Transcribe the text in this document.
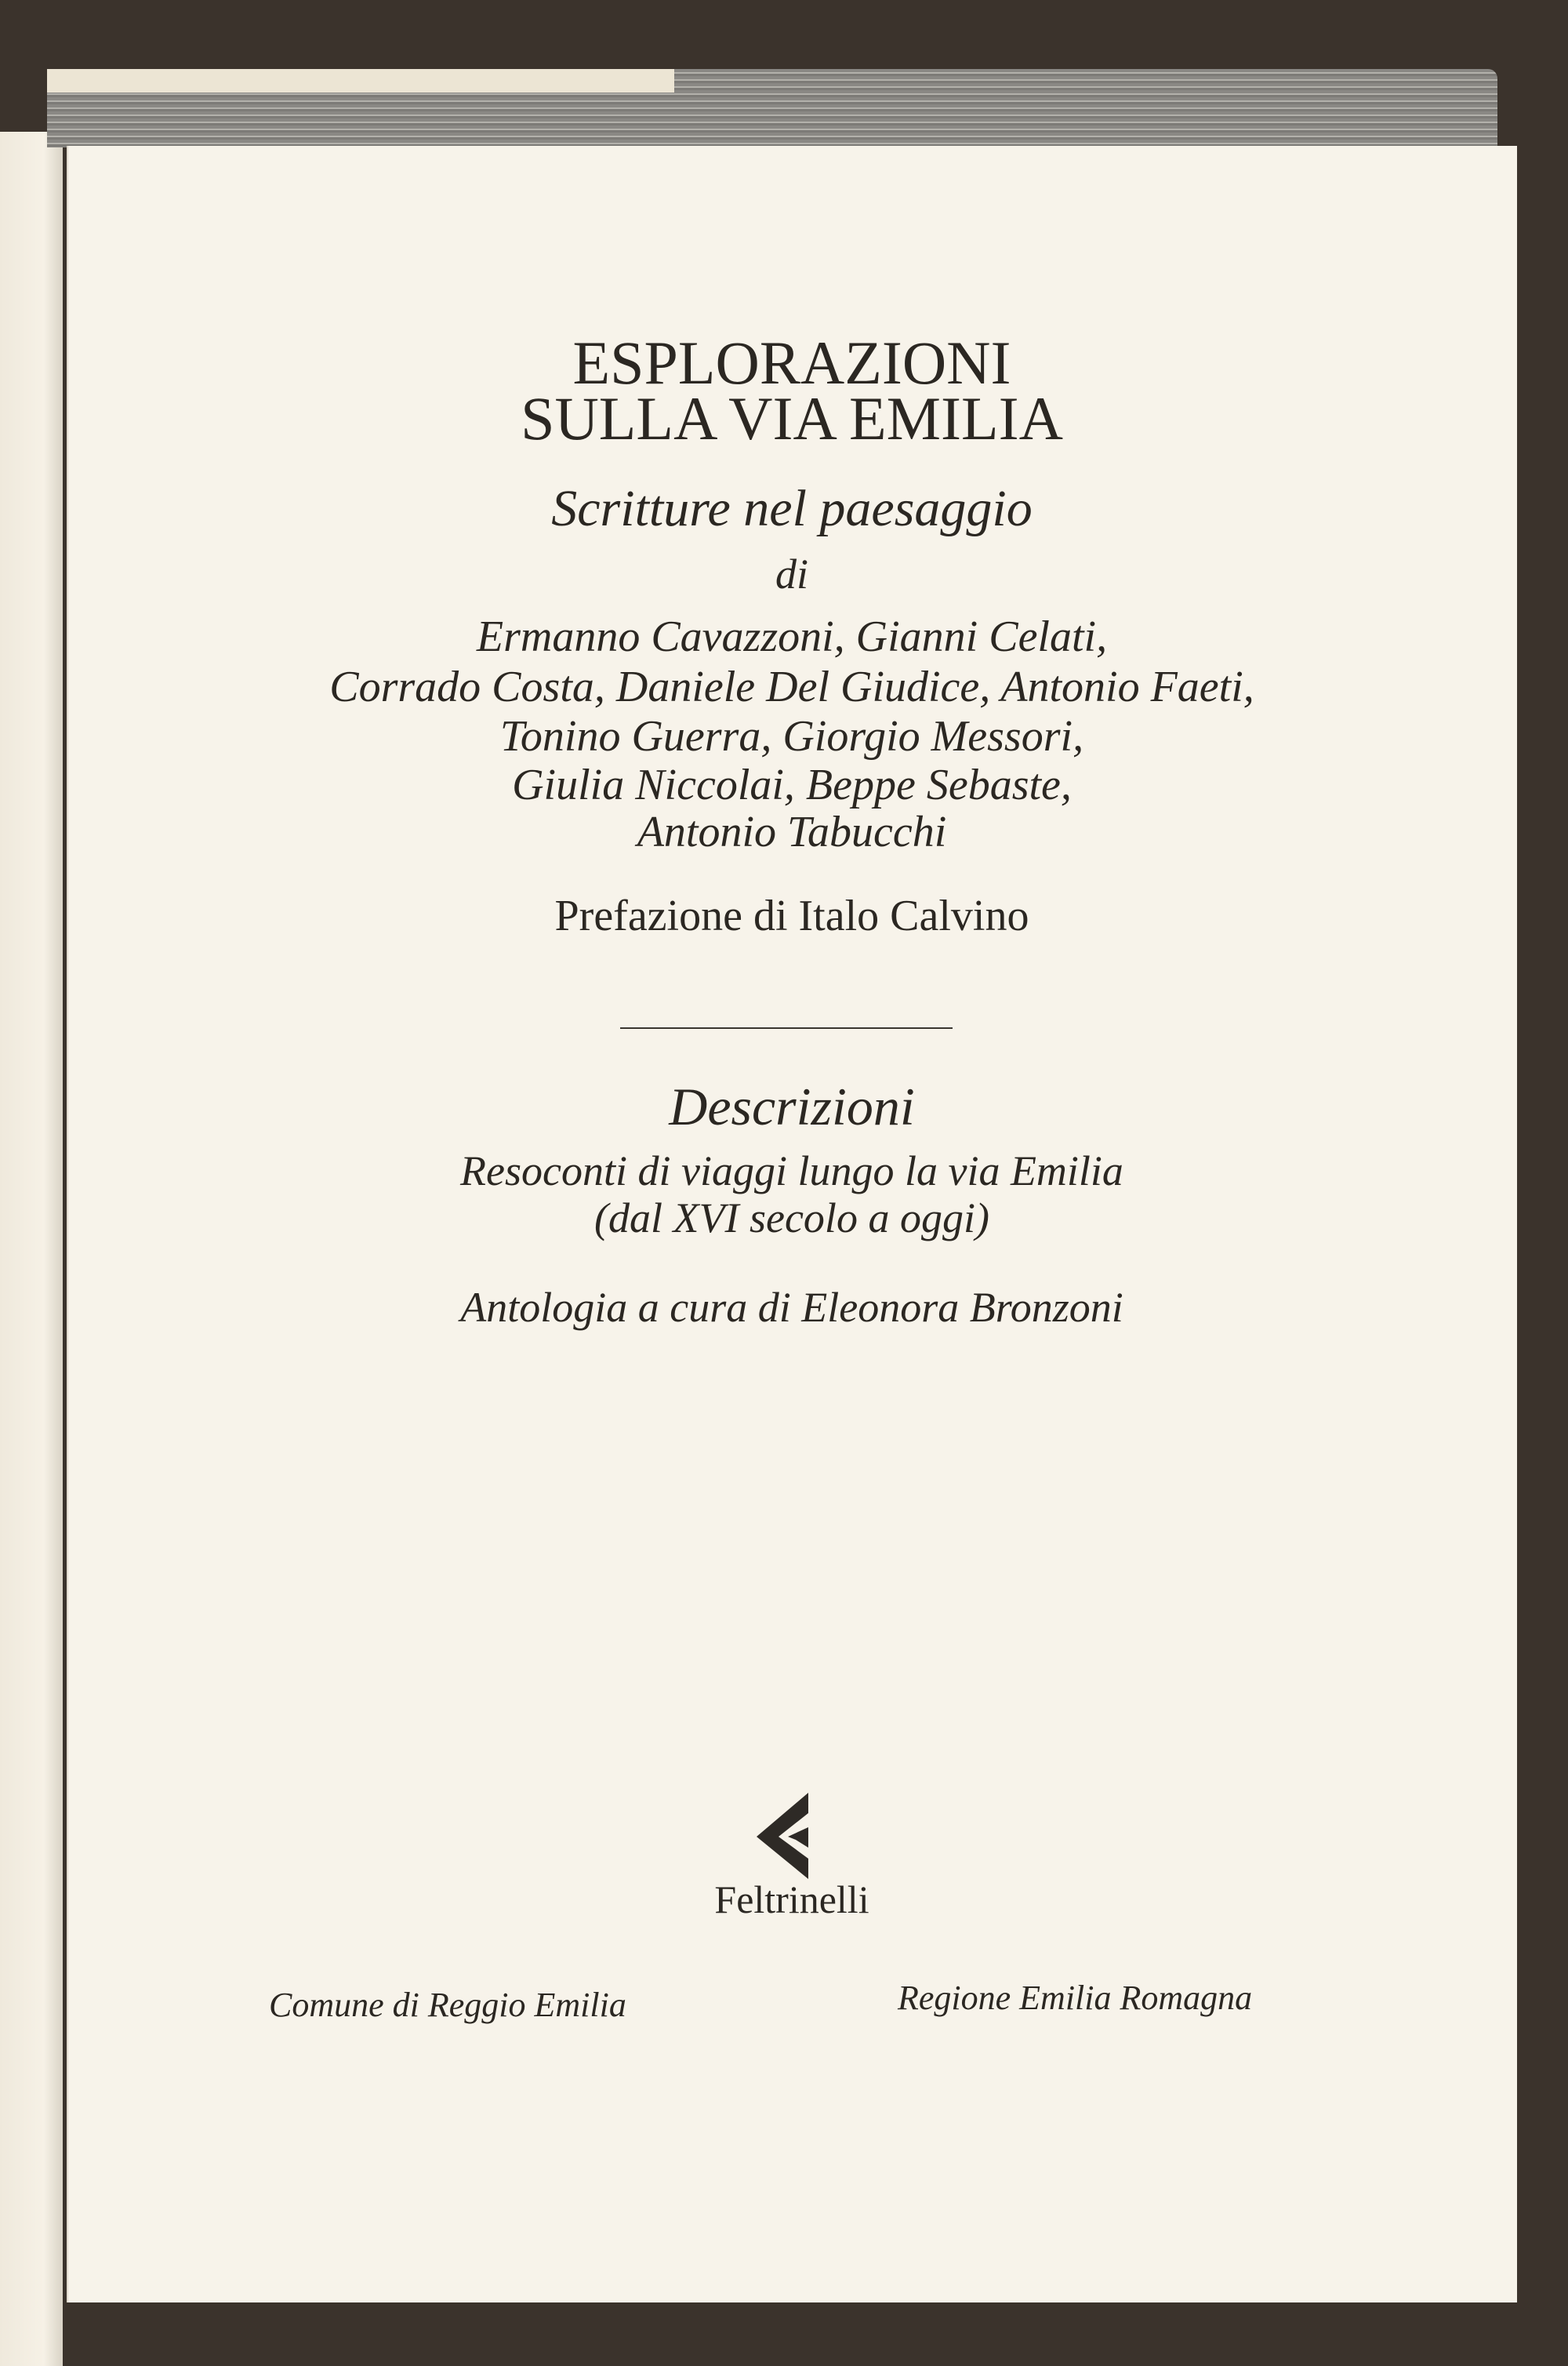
ESPLORAZIONI
SULLA VIA EMILIA
Scritture nel paesaggio
di
Ermanno Cavazzoni, Gianni Celati,
Corrado Costa, Daniele Del Giudice, Antonio Faeti,
Tonino Guerra, Giorgio Messori,
Giulia Niccolai, Beppe Sebaste,
Antonio Tabucchi
Prefazione di Italo Calvino
Descrizioni
Resoconti di viaggi lungo la via Emilia
(dal XVI secolo a oggi)
Antologia a cura di Eleonora Bronzoni
Feltrinelli
Comune di Reggio Emilia	Regione Emilia Romagna
